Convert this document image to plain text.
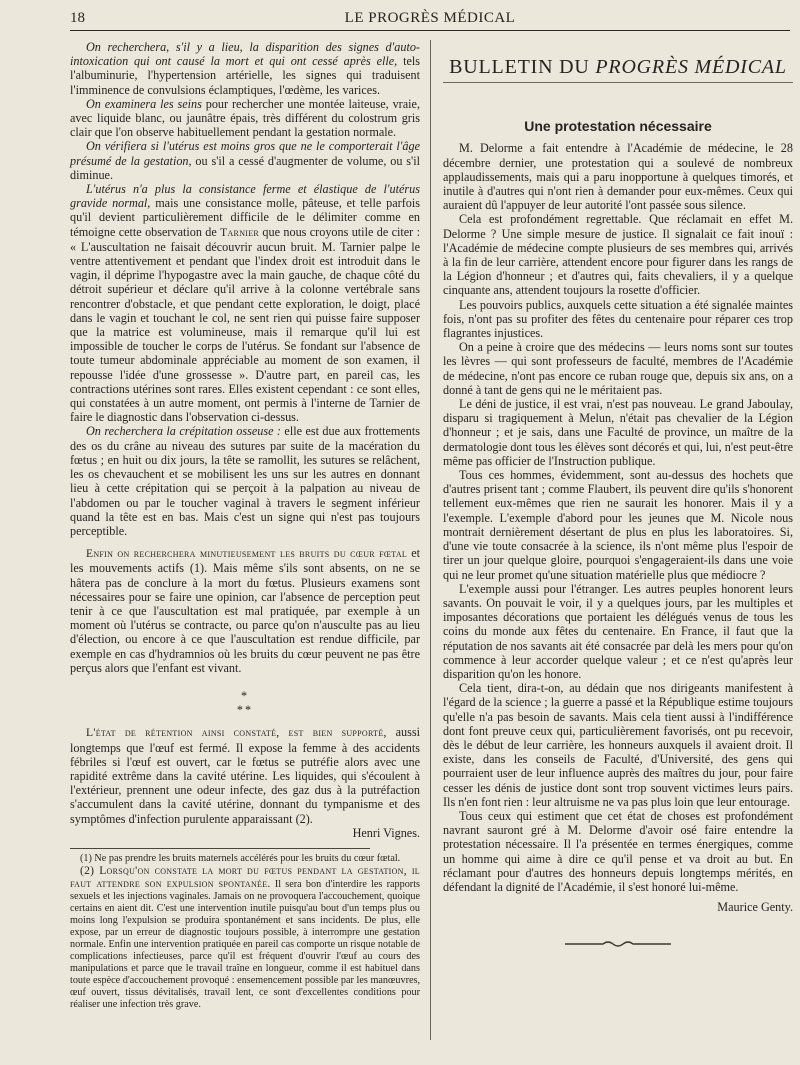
18	LE PROGRÈS MÉDICAL

On recherchera, s'il y a lieu, la disparition des signes d'auto-intoxication qui ont causé la mort et qui ont cessé après elle, tels l'albuminurie, l'hypertension artérielle, les signes qui traduisent l'imminence de convulsions éclamptiques, l'œdème, les varices.

On examinera les seins pour rechercher une montée laiteuse, vraie, avec liquide blanc, ou jaunâtre épais, très différent du colostrum gris clair que l'on observe habituellement pendant la gestation normale.

On vérifiera si l'utérus est moins gros que ne le comporterait l'âge présumé de la gestation, ou s'il a cessé d'augmenter de volume, ou s'il diminue.

L'utérus n'a plus la consistance ferme et élastique de l'utérus gravide normal, mais une consistance molle, pâteuse, et telle parfois qu'il devient particulièrement difficile de le délimiter comme en témoigne cette observation de Tarnier que nous croyons utile de citer : « L'auscultation ne faisait découvrir aucun bruit. M. Tarnier palpe le ventre attentivement et pendant que l'index droit est introduit dans le vagin, il déprime l'hypogastre avec la main gauche, de chaque côté du détroit supérieur et déclare qu'il arrive à la colonne vertébrale sans rencontrer d'obstacle, et que pendant cette exploration, le doigt, placé dans le vagin et touchant le col, ne sent rien qui puisse faire supposer que la matrice est volumineuse, mais il remarque qu'il lui est impossible de toucher le corps de l'utérus. Se fondant sur l'absence de toute tumeur abdominale appréciable au moment de son examen, il repousse l'idée d'une grossesse ». D'autre part, en pareil cas, les contractions utérines sont rares. Elles existent cependant : ce sont elles, qui constatées à un autre moment, ont permis à l'interne de Tarnier de faire le diagnostic dans l'observation ci-dessus.

On recherchera la crépitation osseuse : elle est due aux frottements des os du crâne au niveau des sutures par suite de la macération du fœtus ; en huit ou dix jours, la tête se ramollit, les sutures se relâchent, les os chevauchent et se mobilisent les uns sur les autres en donnant lieu à cette crépitation qui se perçoit à la palpation au niveau de l'abdomen ou par le toucher vaginal à travers le segment inférieur quand la tête est en bas. Mais c'est un signe qui n'est pas toujours perceptible.

Enfin on recherchera minutieusement les bruits du cœur fœtal et les mouvements actifs (1). Mais même s'ils sont absents, on ne se hâtera pas de conclure à la mort du fœtus. Plusieurs examens sont nécessaires pour se faire une opinion, car l'absence de perception peut tenir à ce que l'auscultation est mal pratiquée, par exemple à un moment où l'utérus se contracte, ou parce qu'on n'ausculte pas au lieu d'élection, ou encore à ce que l'auscultation est rendue difficile, par exemple en cas d'hydramnios où les bruits du cœur peuvent ne pas être perçus alors que l'enfant est vivant.

*
**

L'état de rétention ainsi constaté, est bien supporté, aussi longtemps que l'œuf est fermé. Il expose la femme à des accidents fébriles si l'œuf est ouvert, car le fœtus se putréfie alors avec une rapidité extrême dans la cavité utérine. Les liquides, qui s'écoulent à l'extérieur, prennent une odeur infecte, des gaz dus à la putréfaction s'accumulent dans la cavité utérine, donnant du tympanisme et des symptômes d'infection purulente apparaissant (2).

Henri Vignes.

(1) Ne pas prendre les bruits maternels accélérés pour les bruits du cœur fœtal.

(2) Lorsqu'on constate la mort du fœtus pendant la gestation, il faut attendre son expulsion spontanée. Il sera bon d'interdire les rapports sexuels et les injections vaginales. Jamais on ne provoquera l'accouchement, quoique certains en aient dit. C'est une intervention inutile puisqu'au bout d'un temps plus ou moins long l'expulsion se produira spontanément et sans incidents. De plus, elle expose, par un erreur de diagnostic toujours possible, à interrompre une gestation normale. Enfin une intervention pratiquée en pareil cas comporte un risque notable de complications infectieuses, parce qu'il est fréquent d'ouvrir l'œuf au cours des manipulations et parce que le travail traîne en longueur, comme il est habituel dans toute espèce d'accouchement provoqué : ensemencement possible par les manœuvres, œuf ouvert, tissus dévitalisés, travail lent, ce sont d'excellentes conditions pour réaliser une infection très grave.

BULLETIN DU PROGRÈS MÉDICAL
Une protestation nécessaire

M. Delorme a fait entendre à l'Académie de médecine, le 28 décembre dernier, une protestation qui a soulevé de nombreux applaudissements, mais qui a paru inopportune à quelques timorés, et inutile à d'autres qui n'ont rien à demander pour eux-mêmes. Ceux qui auraient dû l'appuyer de leur autorité l'ont passée sous silence.

Cela est profondément regrettable. Que réclamait en effet M. Delorme ? Une simple mesure de justice. Il signalait ce fait inouï : l'Académie de médecine compte plusieurs de ses membres qui, arrivés à la fin de leur carrière, attendent encore pour figurer dans les rangs de la Légion d'honneur ; et d'autres qui, faits chevaliers, il y a quelque cinquante ans, attendent toujours la rosette d'officier.

Les pouvoirs publics, auxquels cette situation a été signalée maintes fois, n'ont pas su profiter des fêtes du centenaire pour réparer ces trop flagrantes injustices.

On a peine à croire que des médecins — leurs noms sont sur toutes les lèvres — qui sont professeurs de faculté, membres de l'Académie de médecine, n'ont pas encore ce ruban rouge que, depuis six ans, on a donné à tant de gens qui ne le méritaient pas.

Le déni de justice, il est vrai, n'est pas nouveau. Le grand Jaboulay, disparu si tragiquement à Melun, n'était pas chevalier de la Légion d'honneur ; et je sais, dans une Faculté de province, un maître de la dermatologie dont tous les élèves sont décorés et qui, lui, n'est peut-être même pas officier de l'Instruction publique.

Tous ces hommes, évidemment, sont au-dessus des hochets que d'autres prisent tant ; comme Flaubert, ils peuvent dire qu'ils s'honorent tellement eux-mêmes que rien ne saurait les honorer. Mais il y a l'exemple. L'exemple d'abord pour les jeunes que M. Nicole nous montrait dernièrement désertant de plus en plus les laboratoires. Si, d'une vie toute consacrée à la science, ils n'ont même plus l'espoir de tirer un jour quelque gloire, pourquoi s'engageraient-ils dans une voie qui ne leur promet qu'une situation matérielle plus que médiocre ?

L'exemple aussi pour l'étranger. Les autres peuples honorent leurs savants. On pouvait le voir, il y a quelques jours, par les multiples et imposantes décorations que portaient les délégués venus de tous les coins du monde aux fêtes du centenaire. En France, il faut que la réputation de nos savants ait été consacrée par delà les mers pour qu'on commence à leur accorder quelque valeur ; et ce n'est qu'après leur disparition qu'on les honore.

Cela tient, dira-t-on, au dédain que nos dirigeants manifestent à l'égard de la science ; la guerre a passé et la République estime toujours qu'elle n'a pas besoin de savants. Mais cela tient aussi à l'indifférence dont font preuve ceux qui, particulièrement favorisés, ont pu recevoir, dès le début de leur carrière, les honneurs auxquels il avaient droit. Il existe, dans les conseils de Faculté, d'Université, des gens qui pourraient user de leur influence auprès des maîtres du jour, pour faire cesser les dénis de justice dont sont trop souvent victimes leurs pairs. Ils n'en font rien : leur altruisme ne va pas plus loin que leur entourage.

Tous ceux qui estiment que cet état de choses est profondément navrant sauront gré à M. Delorme d'avoir osé faire entendre la protestation nécessaire. Il l'a présentée en termes énergiques, comme un homme qui aime à dire ce qu'il pense et va droit au but. En réclamant pour d'autres des honneurs depuis longtemps mérités, en défendant la dignité de l'Académie, il s'est honoré lui-même.

Maurice Genty.
